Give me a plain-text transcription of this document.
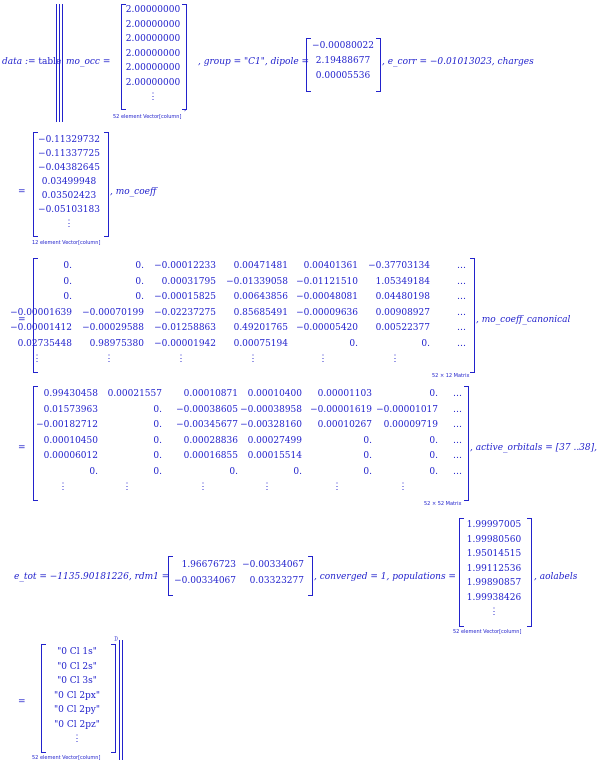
data := table mo_occ =
2.00000000
2.00000000
2.00000000
2.00000000
2.00000000
2.00000000
⋮
52 element Vector[column]
,
, group = "C1", dipole =
−0.00080022
2.19488677
0.00005536
, e_corr = −0.01013023, charges
=
−0.11329732
−0.11337725
−0.04382645
0.03499948
0.03502423
−0.05103183
⋮
12 element Vector[column]
, mo_coeff
=
0.	0.	−0.00012233	0.00471481	0.00401361	−0.37703134	…
0.	0.	0.00031795	−0.01339058 −0.01121510	1.05349184	…
0.	0.	−0.00015825	0.00643856 −0.00048081	0.04480198	…
−0.00001639	−0.00070199	−0.02237275	0.85685491 −0.00009636	0.00908927	…
−0.00001412	−0.00029588	−0.01258863	0.49201765 −0.00005420	0.00522377	…
0.02735448	0.98975380	−0.00001942	0.00075194	0.	0.	…
⋮	⋮	⋮	⋮	⋮	⋮
52 × 12 Matrix
, mo_coeff_canonical
=
0.99430458	0.00021557	0.00010871	0.00010400	0.00001103	0.	…
0.01573963	0.	−0.00038605 −0.00038958 −0.00001619 −0.00001017	…
−0.00182712	0.	−0.00345677 −0.00328160	0.00010267	0.00009719	…
0.00010450	0.	0.00028836	0.00027499	0.	0.	…
0.00006012	0.	0.00016855	0.00015514	0.	0.	…
0.	0.	0.	0.	0.	0.	…
⋮	⋮	⋮	⋮	⋮	⋮
52 × 52 Matrix
, active_orbitals = [37 ..38],
e_tot = −1135.90181226, rdm1 =
1.96676723 −0.00334067
−0.00334067	0.03323277 , converged = 1, populations =
1.99997005
1.99980560
1.95014515
1.99112536
1.99890857
1.99938426
⋮
52 element Vector[column]
, aolabels
=
"0 Cl 1s"
"0 Cl 2s"
"0 Cl 3s"
"0 Cl 2px"
"0 Cl 2py"
"0 Cl 2pz"
⋮
52 element Vector[column]
])
